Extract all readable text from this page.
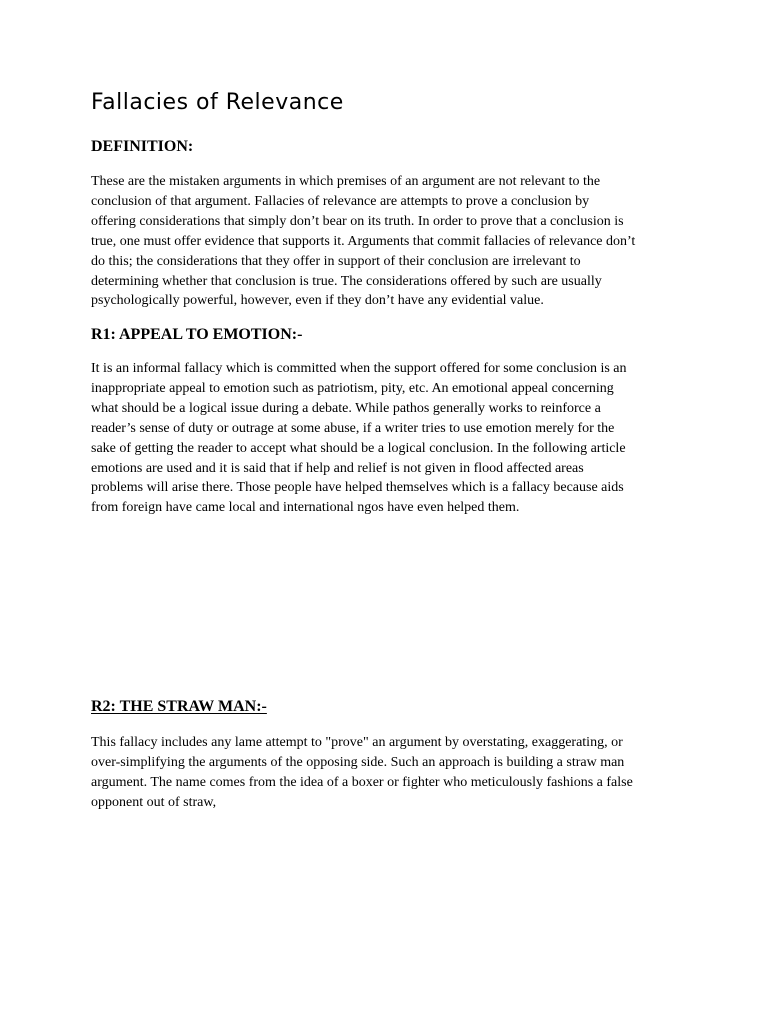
Fallacies of Relevance
DEFINITION:
These are the mistaken arguments in which premises of an argument are not relevant to the
conclusion of that argument. Fallacies of relevance are attempts to prove a conclusion by
offering considerations that simply don’t bear on its truth. In order to prove that a conclusion is
true, one must offer evidence that supports it. Arguments that commit fallacies of relevance don’t
do this; the considerations that they offer in support of their conclusion are irrelevant to
determining whether that conclusion is true. The considerations offered by such are usually
psychologically powerful, however, even if they don’t have any evidential value.
R1: APPEAL TO EMOTION:-
It is an informal fallacy which is committed when the support offered for some conclusion is an
inappropriate appeal to emotion such as patriotism, pity, etc. An emotional appeal concerning
what should be a logical issue during a debate. While pathos generally works to reinforce a
reader’s sense of duty or outrage at some abuse, if a writer tries to use emotion merely for the
sake of getting the reader to accept what should be a logical conclusion. In the following article
emotions are used and it is said that if help and relief is not given in flood affected areas
problems will arise there. Those people have helped themselves which is a fallacy because aids
from foreign have came local and international ngos have even helped them.
R2: THE STRAW MAN:-
This fallacy includes any lame attempt to "prove" an argument by overstating, exaggerating, or
over-simplifying the arguments of the opposing side. Such an approach is building a straw man
argument. The name comes from the idea of a boxer or fighter who meticulously fashions a false
opponent out of straw,
